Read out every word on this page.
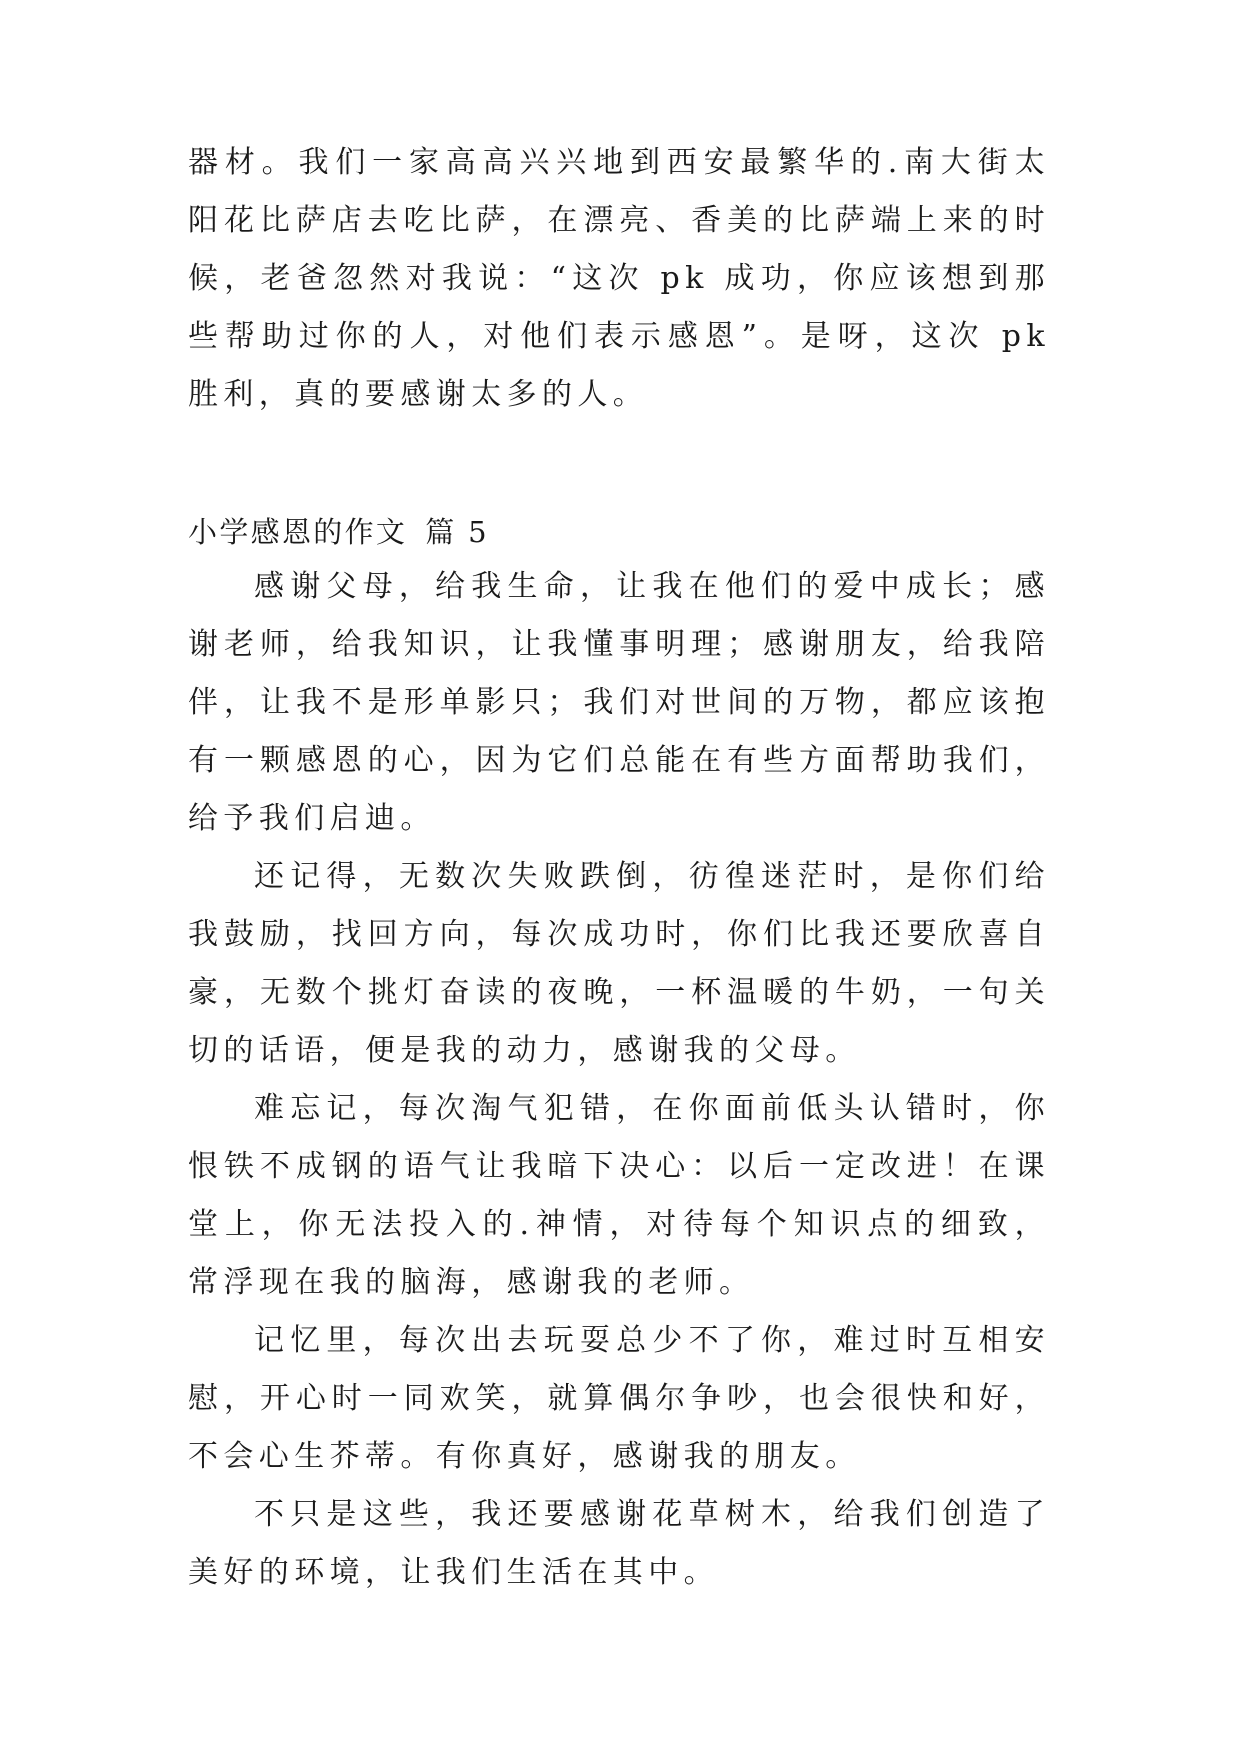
器材。我们一家高高兴兴地到西安最繁华的.南大街太阳花比萨店去吃比萨，在漂亮、香美的比萨端上来的时候，老爸忽然对我说：“这次 pk 成功，你应该想到那些帮助过你的人，对他们表示感恩”。是呀，这次 pk 胜利，真的要感谢太多的人。

小学感恩的作文 篇 5

感谢父母，给我生命，让我在他们的爱中成长；感谢老师，给我知识，让我懂事明理；感谢朋友，给我陪伴，让我不是形单影只；我们对世间的万物，都应该抱有一颗感恩的心，因为它们总能在有些方面帮助我们，给予我们启迪。

还记得，无数次失败跌倒，彷徨迷茫时，是你们给我鼓励，找回方向，每次成功时，你们比我还要欣喜自豪，无数个挑灯奋读的夜晚，一杯温暖的牛奶，一句关切的话语，便是我的动力，感谢我的父母。

难忘记，每次淘气犯错，在你面前低头认错时，你恨铁不成钢的语气让我暗下决心：以后一定改进！在课堂上，你无法投入的.神情，对待每个知识点的细致，常浮现在我的脑海，感谢我的老师。

记忆里，每次出去玩耍总少不了你，难过时互相安慰，开心时一同欢笑，就算偶尔争吵，也会很快和好，不会心生芥蒂。有你真好，感谢我的朋友。

不只是这些，我还要感谢花草树木，给我们创造了美好的环境，让我们生活在其中。
